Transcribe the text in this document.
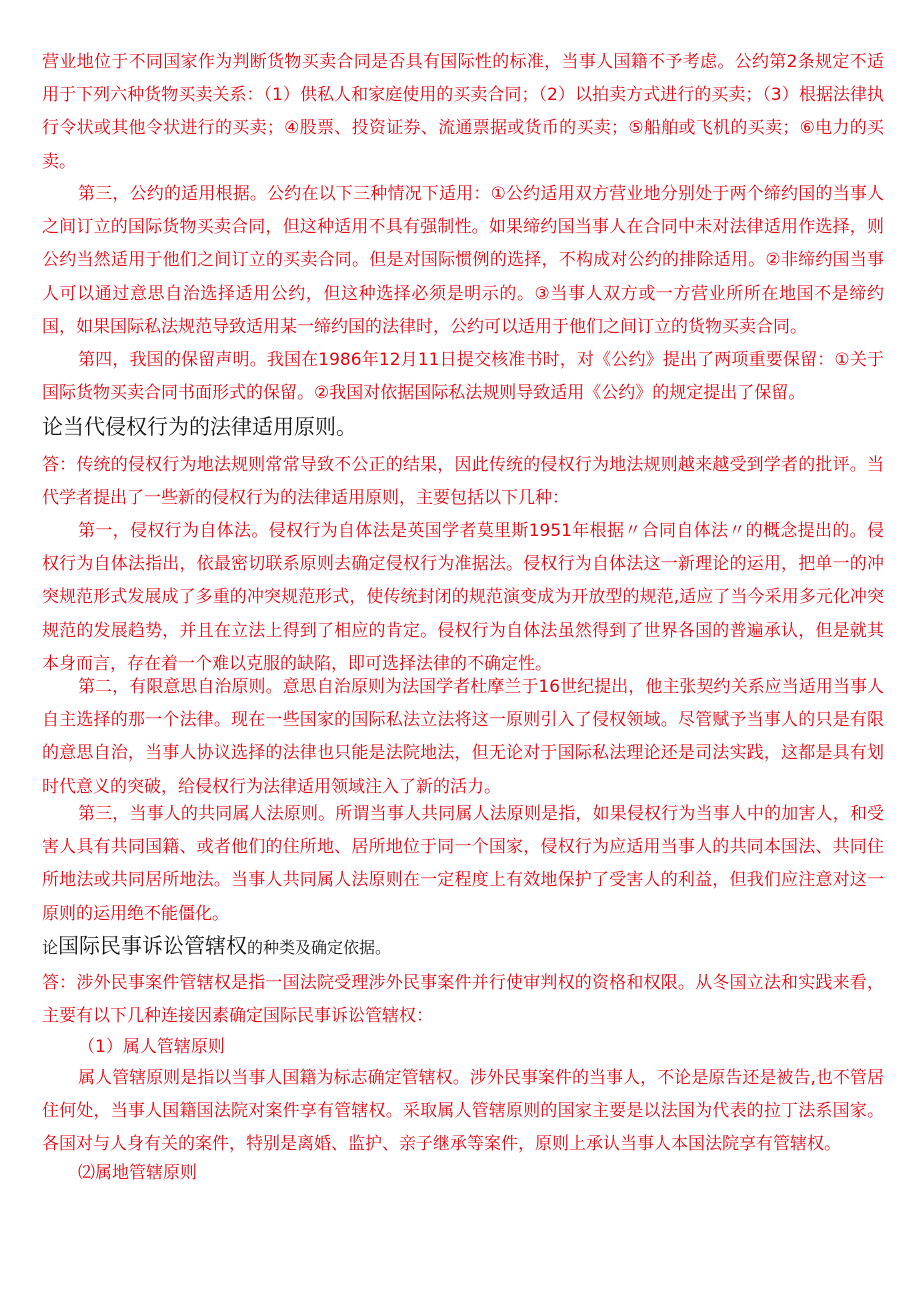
营业地位于不同国家作为判断货物买卖合同是否具有国际性的标准，当事人国籍不予考虑。公约第2条规定不适用于下列六种货物买卖关系：（1）供私人和家庭使用的买卖合同；（2）以拍卖方式进行的买卖；（3）根据法律执行令状或其他令状进行的买卖；④股票、投资证券、流通票据或货币的买卖；⑤船舶或飞机的买卖；⑥电力的买卖。

第三，公约的适用根据。公约在以下三种情况下适用：①公约适用双方营业地分别处于两个缔约国的当事人之间订立的国际货物买卖合同，但这种适用不具有强制性。如果缔约国当事人在合同中未对法律适用作选择，则公约当然适用于他们之间订立的买卖合同。但是对国际惯例的选择，不构成对公约的排除适用。②非缔约国当事人可以通过意思自治选择适用公约，但这种选择必须是明示的。③当事人双方或一方营业所所在地国不是缔约国，如果国际私法规范导致适用某一缔约国的法律时，公约可以适用于他们之间订立的货物买卖合同。

第四，我国的保留声明。我国在1986年12月11日提交核准书时，对《公约》提出了两项重要保留：①关于国际货物买卖合同书面形式的保留。②我国对依据国际私法规则导致适用《公约》的规定提出了保留。

论当代侵权行为的法律适用原则。

答：传统的侵权行为地法规则常常导致不公正的结果，因此传统的侵权行为地法规则越来越受到学者的批评。当代学者提出了一些新的侵权行为的法律适用原则，主要包括以下几种：

第一，侵权行为自体法。侵权行为自体法是英国学者莫里斯1951年根据〃合同自体法〃的概念提出的。侵权行为自体法指出，依最密切联系原则去确定侵权行为准据法。侵权行为自体法这一新理论的运用，把单一的冲突规范形式发展成了多重的冲突规范形式，使传统封闭的规范演变成为开放型的规范,适应了当今采用多元化冲突规范的发展趋势，并且在立法上得到了相应的肯定。侵权行为自体法虽然得到了世界各国的普遍承认，但是就其本身而言，存在着一个难以克服的缺陷，即可选择法律的不确定性。

第二，有限意思自治原则。意思自治原则为法国学者杜摩兰于16世纪提出，他主张契约关系应当适用当事人自主选择的那一个法律。现在一些国家的国际私法立法将这一原则引入了侵权领域。尽管赋予当事人的只是有限的意思自治，当事人协议选择的法律也只能是法院地法，但无论对于国际私法理论还是司法实践，这都是具有划时代意义的突破，给侵权行为法律适用领域注入了新的活力。

第三，当事人的共同属人法原则。所谓当事人共同属人法原则是指，如果侵权行为当事人中的加害人，和受害人具有共同国籍、或者他们的住所地、居所地位于同一个国家，侵权行为应适用当事人的共同本国法、共同住所地法或共同居所地法。当事人共同属人法原则在一定程度上有效地保护了受害人的利益，但我们应注意对这一原则的运用绝不能僵化。

论国际民事诉讼管辖权的种类及确定依据。

答：涉外民事案件管辖权是指一国法院受理涉外民事案件并行使审判权的资格和权限。从冬国立法和实践来看，主要有以下几种连接因素确定国际民事诉讼管辖权：

（1）属人管辖原则

属人管辖原则是指以当事人国籍为标志确定管辖权。涉外民事案件的当事人，不论是原告还是被告,也不管居住何处，当事人国籍国法院对案件享有管辖权。采取属人管辖原则的国家主要是以法国为代表的拉丁法系国家。各国对与人身有关的案件，特别是离婚、监护、亲子继承等案件，原则上承认当事人本国法院享有管辖权。

⑵属地管辖原则
